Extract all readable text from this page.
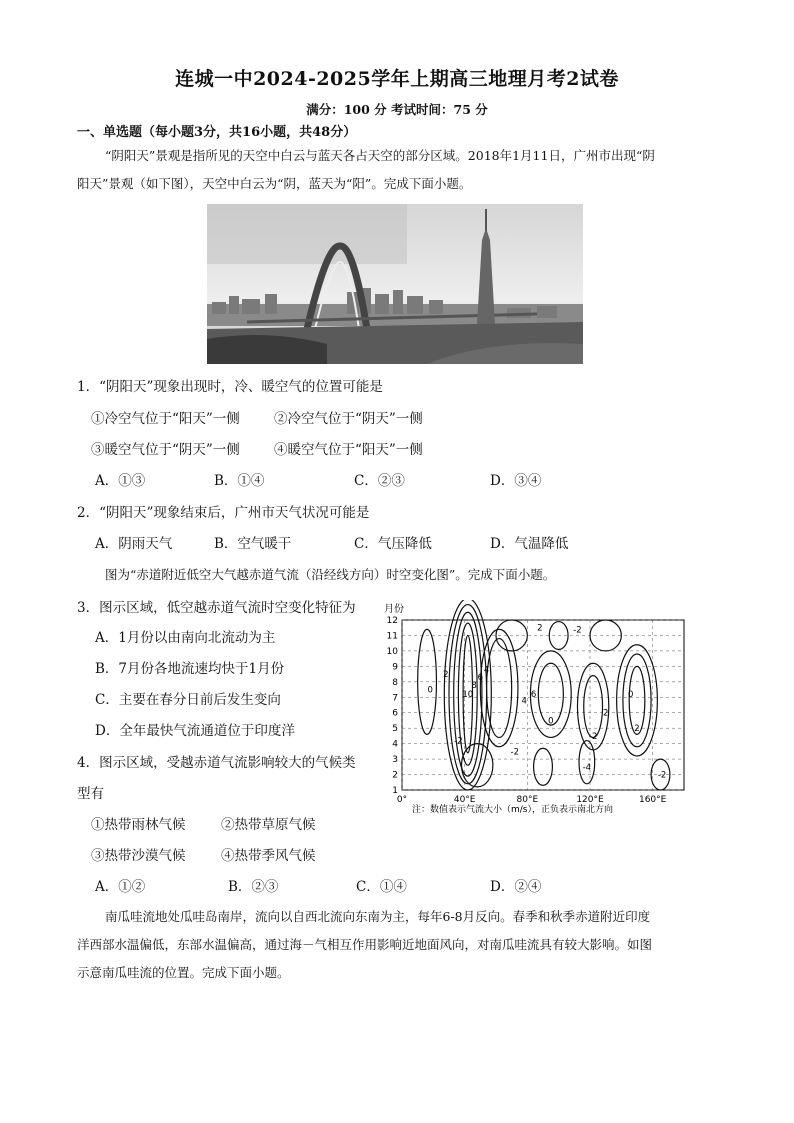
连城一中2024-2025学年上期高三地理月考2试卷
满分：100 分 考试时间：75 分
一、单选题（每小题3分，共16小题，共48分）

“阴阳天”景观是指所见的天空中白云与蓝天各占天空的部分区域。2018年1月11日，广州市出现“阴

阳天”景观（如下图），天空中白云为“阴，蓝天为“阳”。完成下面小题。

1．“阴阳天”现象出现时，冷、暖空气的位置可能是
①冷空气位于“阳天”一侧	②冷空气位于“阴天”一侧
③暖空气位于“阴天”一侧	④暖空气位于“阳天”一侧
A．①③	B．①④	C．②③	D．③④
2．“阴阳天”现象结束后，广州市天气状况可能是
A．阴雨天气	B．空气暖干	C．气压降低	D．气温降低
图为“赤道附近低空大气越赤道气流（沿经线方向）时空变化图”。完成下面小题。
3．图示区域，低空越赤道气流时空变化特征为
A．1月份以由南向北流动为主
B．7月份各地流速均快于1月份
C．主要在春分日前后发生变向
D．全年最快气流通道位于印度洋
4．图示区域，受越赤道气流影响较大的气候类
型有
①热带雨林气候	②热带草原气候
③热带沙漠气候	④热带季风气候
A．①②	B．②③	C．①④	D．②④

南瓜哇流地处瓜哇岛南岸，流向以自西北流向东南为主，每年6-8月反向。春季和秋季赤道附近印度

洋西部水温偏低，东部水温偏高，通过海－气相互作用影响近地面风向，对南瓜哇流具有较大影响。如图

示意南瓜哇流的位置。完成下面小题。

月份
1
2
3
4
5
6
7
8
9
10
11
12
0°	40°E	80°E	120°E	160°E
10
8
6
4
2
0
-2
4
6
-2
0
2
-2
-4
2
0
2
-2
-2
注：数值表示气流大小（m/s），正负表示南北方向
